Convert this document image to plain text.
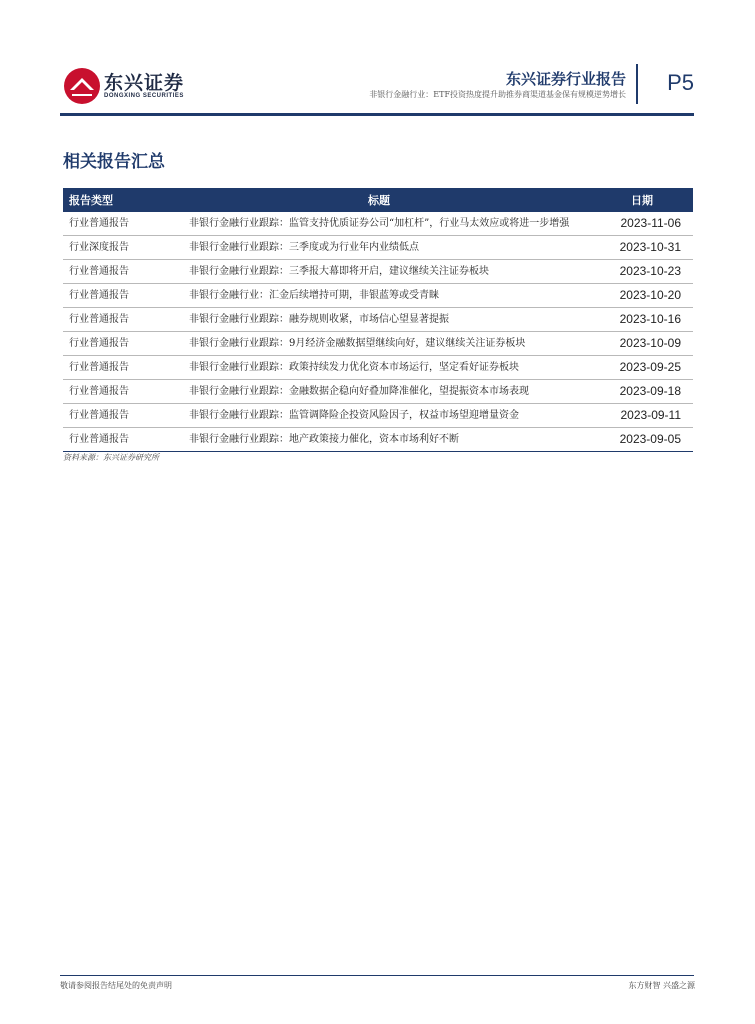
东兴证券
DONGXING SECURITIES
东兴证券行业报告
非银行金融行业：ETF投资热度提升助推券商渠道基金保有规模逆势增长 P5
相关报告汇总
报告类型	标题	日期
行业普通报告	非银行金融行业跟踪：监管支持优质证券公司“加杠杆”，行业马太效应或将进一步增强	2023-11-06
行业深度报告	非银行金融行业跟踪：三季度或为行业年内业绩低点	2023-10-31
行业普通报告	非银行金融行业跟踪：三季报大幕即将开启，建议继续关注证券板块	2023-10-23
行业普通报告	非银行金融行业：汇金后续增持可期，非银蓝筹或受青睐	2023-10-20
行业普通报告	非银行金融行业跟踪：融券规则收紧，市场信心望显著提振	2023-10-16
行业普通报告	非银行金融行业跟踪：9月经济金融数据望继续向好，建议继续关注证券板块	2023-10-09
行业普通报告	非银行金融行业跟踪：政策持续发力优化资本市场运行，坚定看好证券板块	2023-09-25
行业普通报告	非银行金融行业跟踪：金融数据企稳向好叠加降准催化，望提振资本市场表现	2023-09-18
行业普通报告	非银行金融行业跟踪：监管调降险企投资风险因子，权益市场望迎增量资金	2023-09-11
行业普通报告	非银行金融行业跟踪：地产政策接力催化，资本市场利好不断	2023-09-05
资料来源：东兴证券研究所
敬请参阅报告结尾处的免责声明	东方财智 兴盛之源
